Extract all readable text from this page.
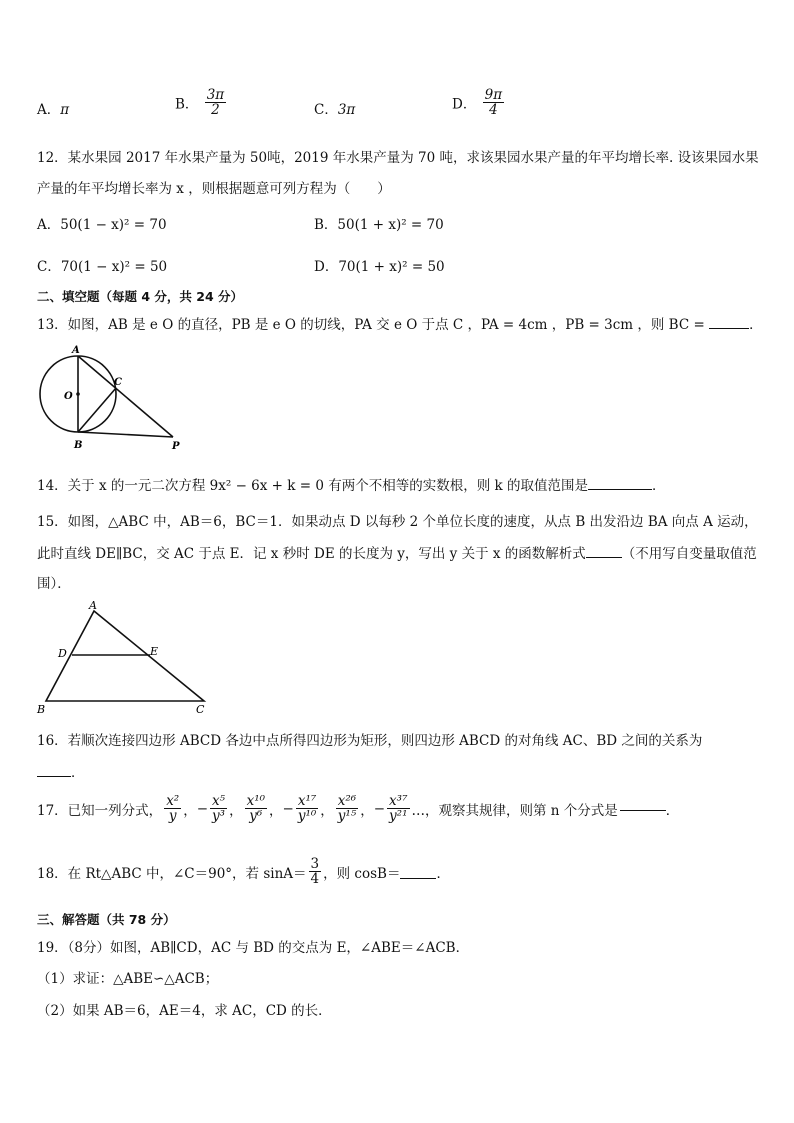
A．π	B． $\frac{3\pi}{2}$	C．3π	D． $\frac{9\pi}{4}$
12．某水果园 2017 年水果产量为 50吨，2019 年水果产量为 70 吨，求该果园水果产量的年平均增长率. 设该果园水果
产量的年平均增长率为 x ，则根据题意可列方程为（　　）
A．50(1 − x)² = 70	B．50(1 + x)² = 70
C．70(1 − x)² = 50	D．70(1 + x)² = 50
二、填空题（每题 4 分，共 24 分）
13．如图，AB 是 e O 的直径，PB 是 e O 的切线，PA 交 e O 于点 C ，PA = 4cm ，PB = 3cm ，则 BC =	．
A
O
C
B	P
14．关于 x 的一元二次方程 9x² − 6x + k = 0 有两个不相等的实数根，则 k 的取值范围是	．
15．如图，△ABC 中，AB＝6，BC＝1．如果动点 D 以每秒 2 个单位长度的速度，从点 B 出发沿边 BA 向点 A 运动，
此时直线 DE∥BC，交 AC 于点 E．记 x 秒时 DE 的长度为 y，写出 y 关于 x 的函数解析式	（不用写自变量取值范
围）．
A
D	E
B	C
16．若顺次连接四边形 ABCD 各边中点所得四边形为矩形，则四边形 ABCD 的对角线 AC、BD 之间的关系为
．
17．已知一列分式， $\frac{\text{x²}}{y}$ ， − $\frac{\text{x⁵}}{\text{y³}}$ ， $\frac{\text{x¹⁰}}{\text{y⁶}}$ ， − $\frac{\text{x¹⁷}}{\text{y¹⁰}}$ ， $\frac{\text{x²⁶}}{\text{y¹⁵}}$ ， − $\frac{\text{x³⁷}}{\text{y²¹}}$ …，观察其规律，则第 n 个分式是	．
18．在 Rt△ABC 中，∠C＝90°，若 $\sin A= \frac{3}{4}$ ，则 cosB＝	．
三、解答题（共 78 分）
19．（8分）如图，AB∥CD，AC 与 BD 的交点为 E，∠ABE＝∠ACB．
（1）求证：△ABE∽△ACB；
（2）如果 AB＝6，AE＝4，求 AC，CD 的长．
